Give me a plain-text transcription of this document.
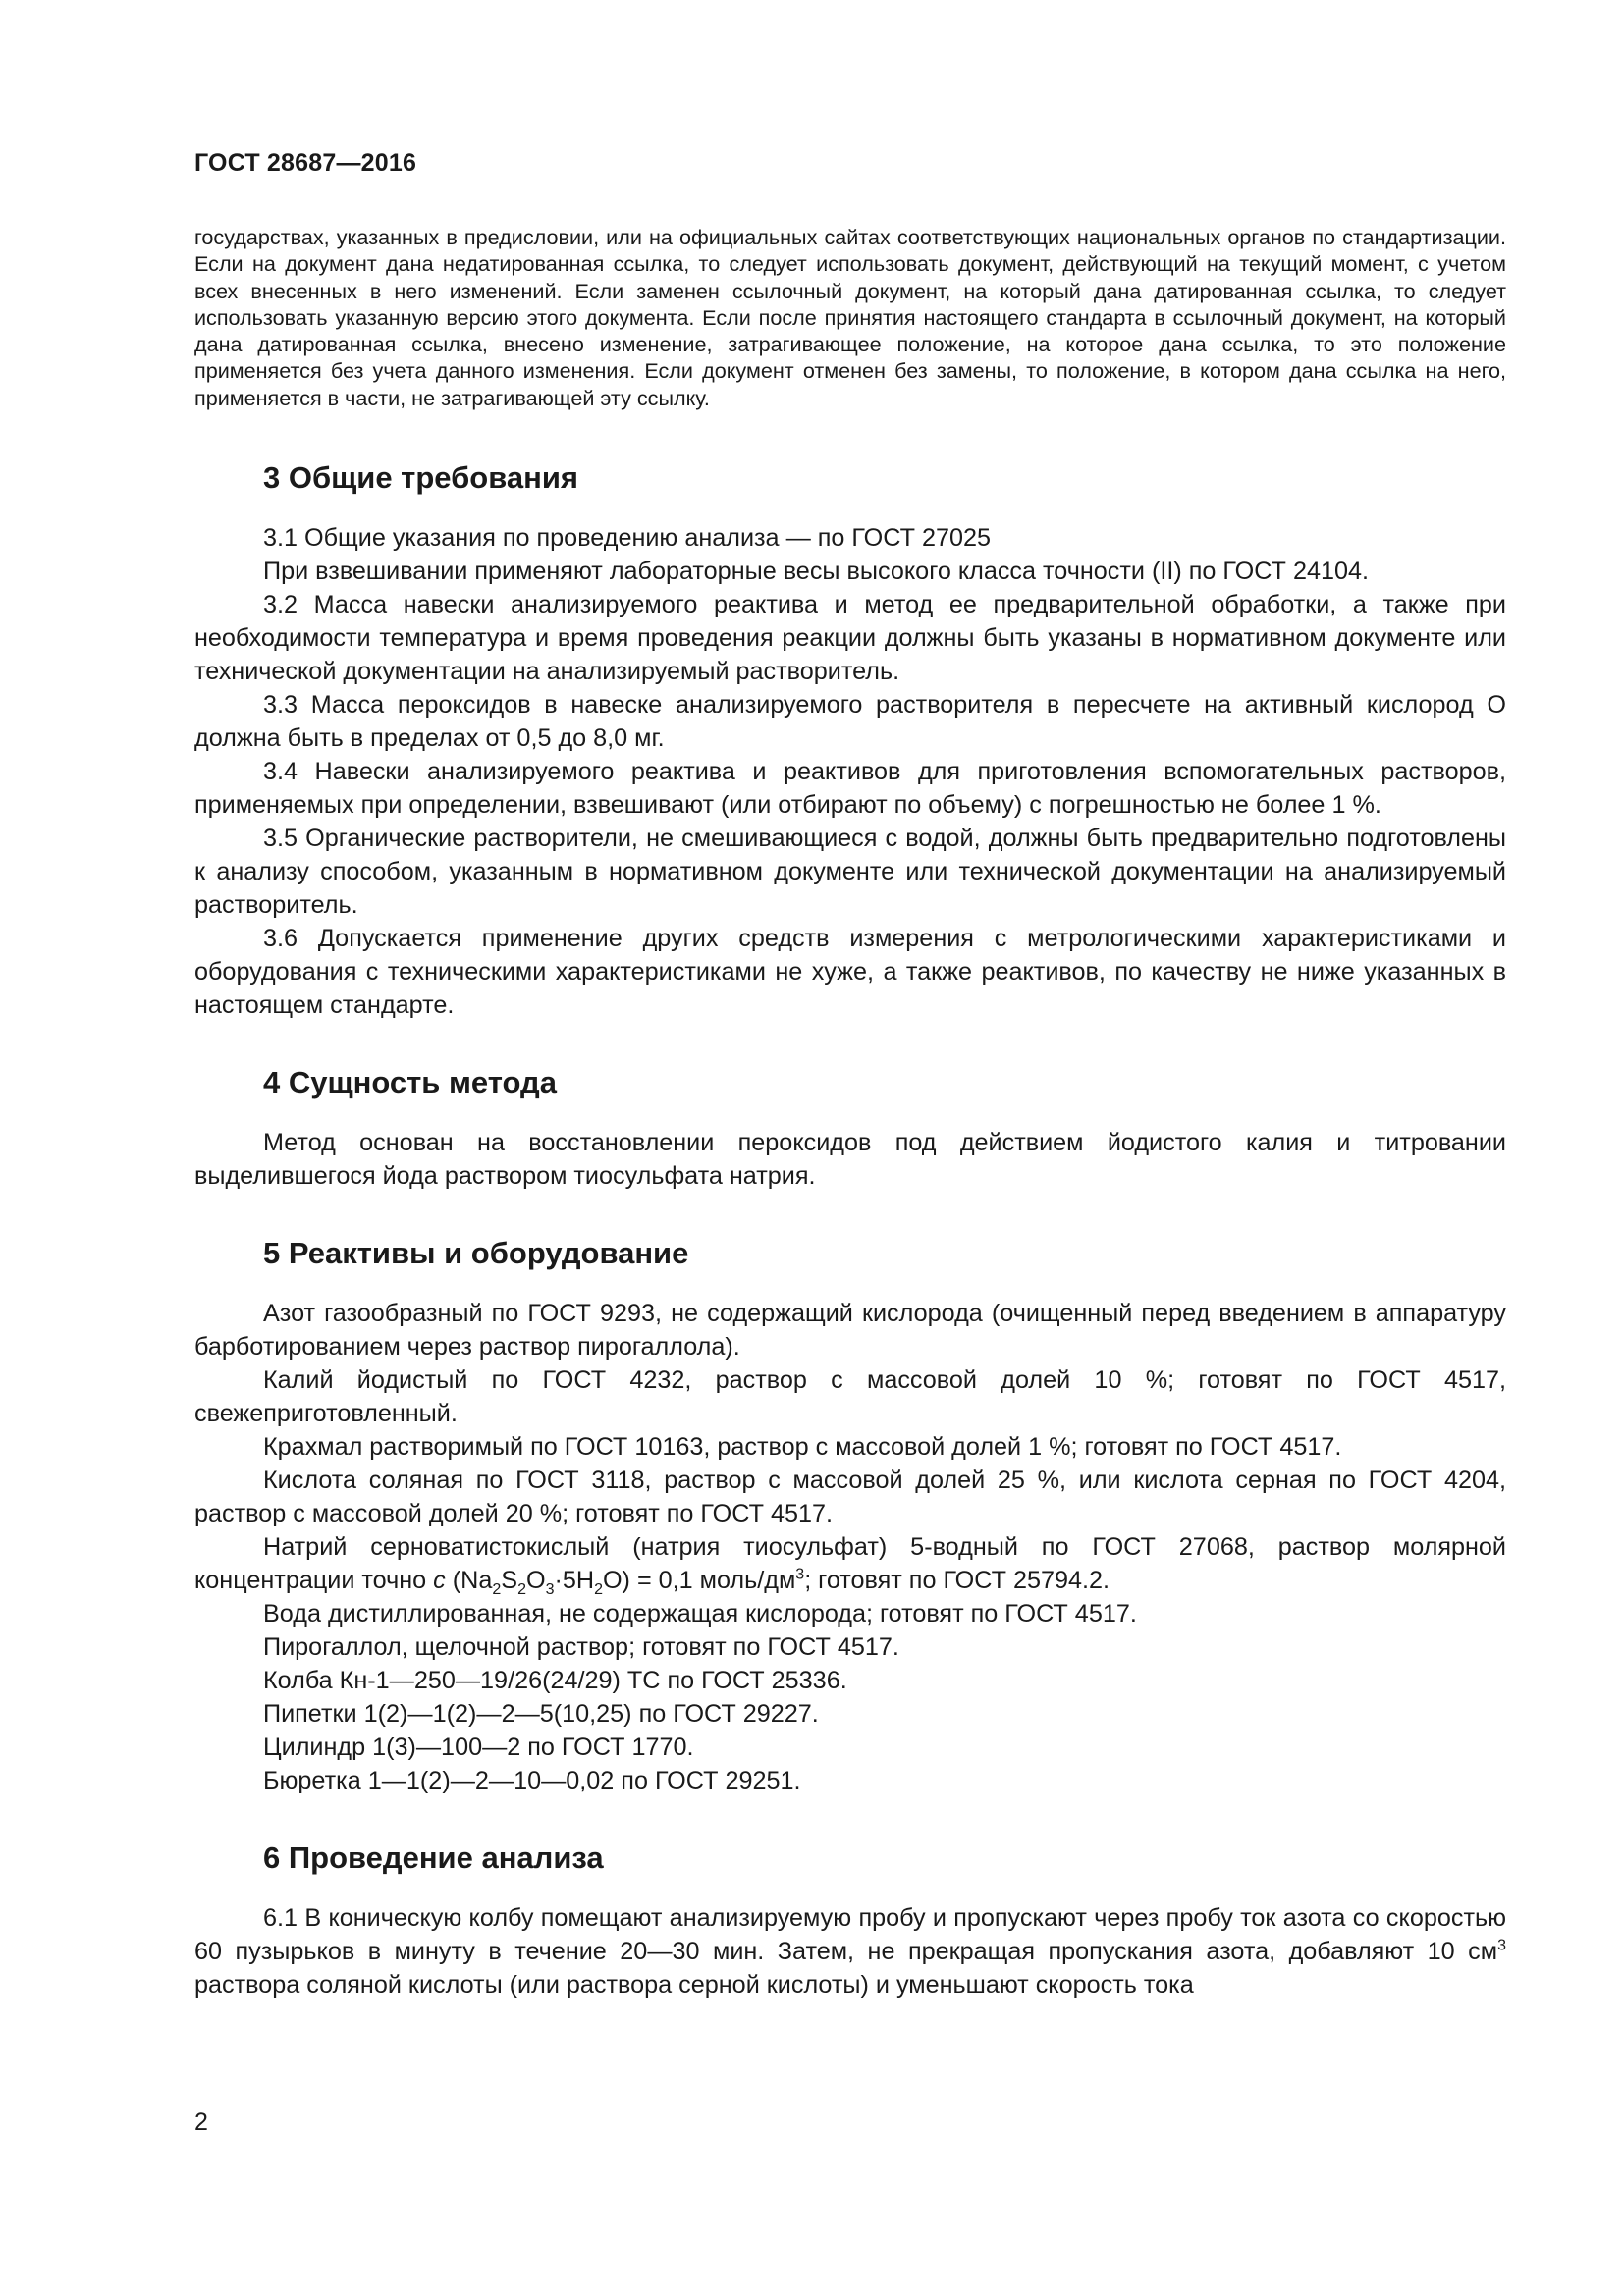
ГОСТ 28687—2016

государствах, указанных в предисловии, или на официальных сайтах соответствующих национальных органов по стандартизации. Если на документ дана недатированная ссылка, то следует использовать документ, действующий на текущий момент, с учетом всех внесенных в него изменений. Если заменен ссылочный документ, на который дана датированная ссылка, то следует использовать указанную версию этого документа. Если после принятия настоящего стандарта в ссылочный документ, на который дана датированная ссылка, внесено изменение, затрагивающее положение, на которое дана ссылка, то это положение применяется без учета данного изменения. Если документ отменен без замены, то положение, в котором дана ссылка на него, применяется в части, не затрагивающей эту ссылку.

3 Общие требования

3.1 Общие указания по проведению анализа — по ГОСТ 27025

При взвешивании применяют лабораторные весы высокого класса точности (II) по ГОСТ 24104.

3.2 Масса навески анализируемого реактива и метод ее предварительной обработки, а также при необходимости температура и время проведения реакции должны быть указаны в нормативном документе или технической документации на анализируемый растворитель.

3.3 Масса пероксидов в навеске анализируемого растворителя в пересчете на активный кислород О должна быть в пределах от 0,5 до 8,0 мг.

3.4 Навески анализируемого реактива и реактивов для приготовления вспомогательных растворов, применяемых при определении, взвешивают (или отбирают по объему) с погрешностью не более 1 %.

3.5 Органические растворители, не смешивающиеся с водой, должны быть предварительно подготовлены к анализу способом, указанным в нормативном документе или технической документации на анализируемый растворитель.

3.6 Допускается применение других средств измерения с метрологическими характеристиками и оборудования с техническими характеристиками не хуже, а также реактивов, по качеству не ниже указанных в настоящем стандарте.

4 Сущность метода

Метод основан на восстановлении пероксидов под действием йодистого калия и титровании выделившегося йода раствором тиосульфата натрия.

5 Реактивы и оборудование

Азот газообразный по ГОСТ 9293, не содержащий кислорода (очищенный перед введением в аппаратуру барботированием через раствор пирогаллола).

Калий йодистый по ГОСТ 4232, раствор с массовой долей 10 %; готовят по ГОСТ 4517, свежеприготовленный.

Крахмал растворимый по ГОСТ 10163, раствор с массовой долей 1 %; готовят по ГОСТ 4517.

Кислота соляная по ГОСТ 3118, раствор с массовой долей 25 %, или кислота серная по ГОСТ 4204, раствор с массовой долей 20 %; готовят по ГОСТ 4517.

Натрий серноватистокислый (натрия тиосульфат) 5-водный по ГОСТ 27068, раствор молярной концентрации точно c $(Na_2S_2O_3\cdot 5H_2O) = 0,1$ моль/$дм^3$; готовят по ГОСТ 25794.2.

Вода дистиллированная, не содержащая кислорода; готовят по ГОСТ 4517.

Пирогаллол, щелочной раствор; готовят по ГОСТ 4517.

Колба Кн-1—250—19/26(24/29) ТС по ГОСТ 25336.

Пипетки 1(2)—1(2)—2—5(10,25) по ГОСТ 29227.

Цилиндр 1(3)—100—2 по ГОСТ 1770.

Бюретка 1—1(2)—2—10—0,02 по ГОСТ 29251.

6 Проведение анализа

6.1 В коническую колбу помещают анализируемую пробу и пропускают через пробу ток азота со скоростью 60 пузырьков в минуту в течение 20—30 мин. Затем, не прекращая пропускания азота, добавляют 10 $см^3$ раствора соляной кислоты (или раствора серной кислоты) и уменьшают скорость тока

2
